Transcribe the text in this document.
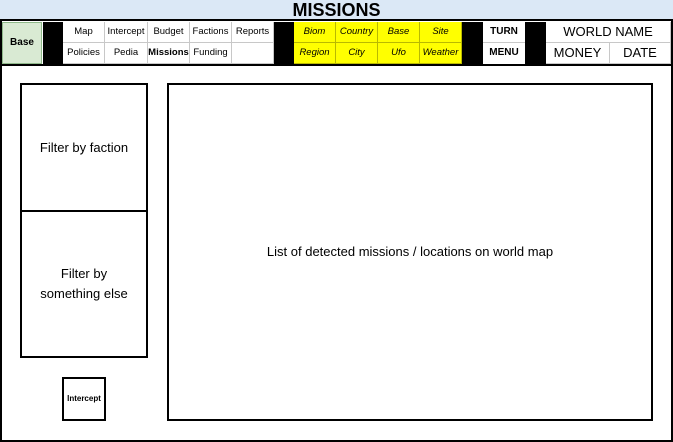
MISSIONS
Base
Map	Intercept Budget Factions Reports
Policies	Pedia	Missions Funding
Biom	Country	Base	Site
Region	City	Ufo	Weather
TURN
MENU
WORLD NAME
MONEY	DATE
Filter by faction
Filter by something else
Intercept
List of detected missions / locations on world map
